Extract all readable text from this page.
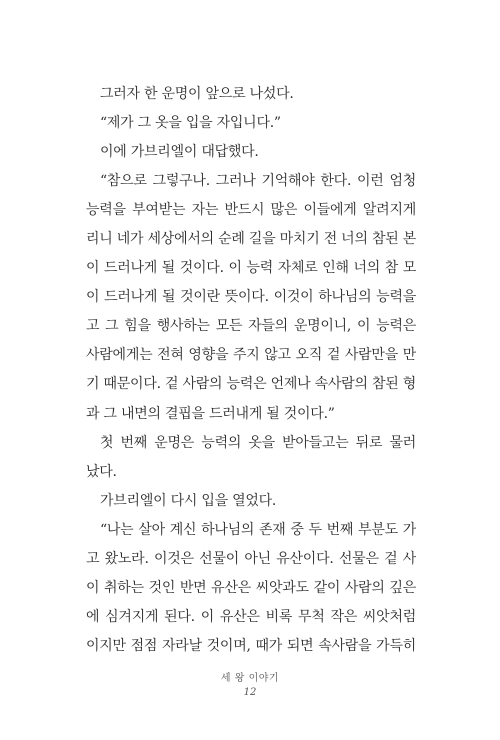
그러자 한 운명이 앞으로 나섰다.
“제가 그 옷을 입을 자입니다.”
이에 가브리엘이 대답했다.
“참으로 그렇구나. 그러나 기억해야 한다. 이런 엄청
능력을 부여받는 자는 반드시 많은 이들에게 알려지게
리니 네가 세상에서의 순례 길을 마치기 전 너의 참된 본
이 드러나게 될 것이다. 이 능력 자체로 인해 너의 참 모
이 드러나게 될 것이란 뜻이다. 이것이 하나님의 능력을
고 그 힘을 행사하는 모든 자들의 운명이니, 이 능력은
사람에게는 전혀 영향을 주지 않고 오직 겉 사람만을 만
기 때문이다. 겉 사람의 능력은 언제나 속사람의 참된 형
과 그 내면의 결핍을 드러내게 될 것이다.”
첫 번째 운명은 능력의 옷을 받아들고는 뒤로 물러
났다.
가브리엘이 다시 입을 열었다.
“나는 살아 계신 하나님의 존재 중 두 번째 부분도 가
고 왔노라. 이것은 선물이 아닌 유산이다. 선물은 겉 사
이 취하는 것인 반면 유산은 씨앗과도 같이 사람의 깊은
에 심겨지게 된다. 이 유산은 비록 무척 작은 씨앗처럼
이지만 점점 자라날 것이며, 때가 되면 속사람을 가득히
세 왕 이야기
12
